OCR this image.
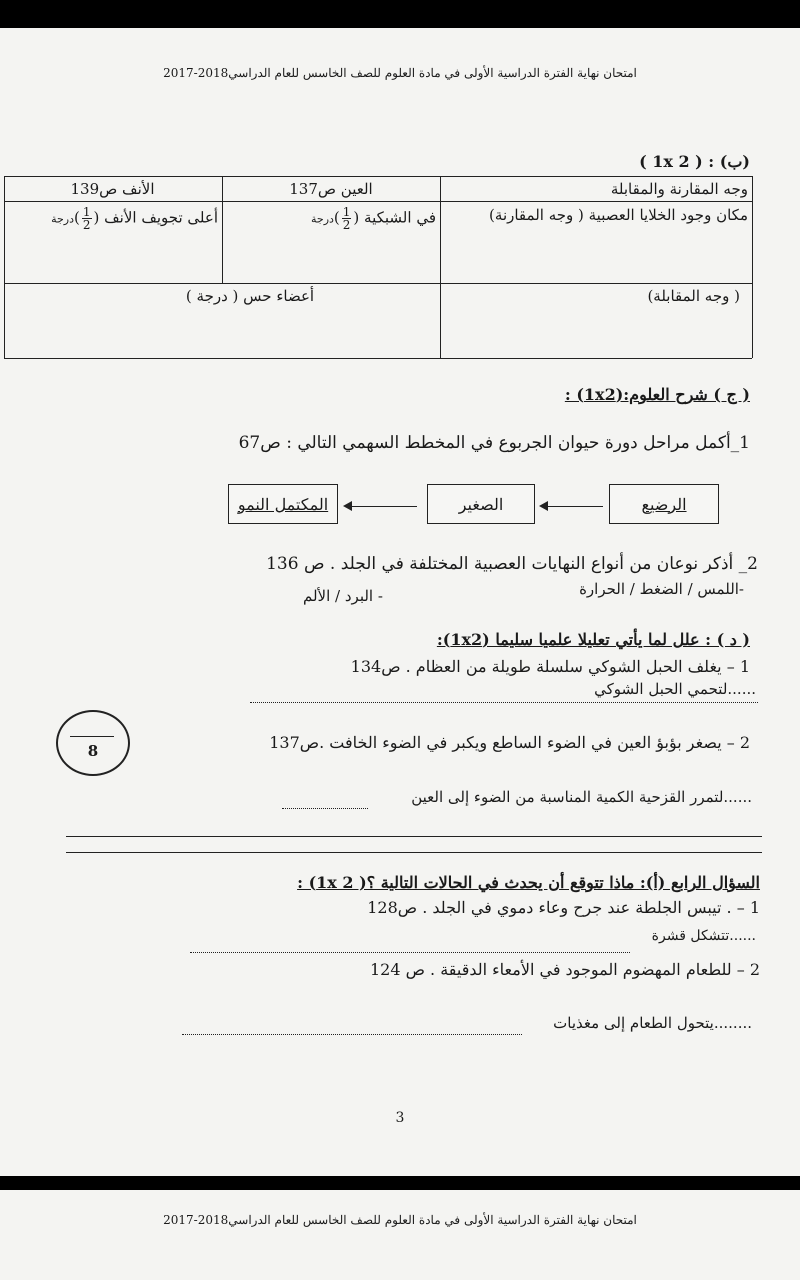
امتحان نهاية الفترة الدراسية الأولى في مادة العلوم للصف الخاسس للعام الدراسي2018-2017
( 1x 2 ) : (ب)
وجه المقارنة والمقابلة
العين ص137
الأنف ص139
مكان وجود الخلايا العصبية ( وجه المقارنة)
في الشبكية (
$\frac{1}{2}$
)درجة
أعلى تجويف الأنف (
$\frac{1}{2}$
)درجة
( وجه المقابلة)
أعضاء حس ( درجة )
( ج ) شرح العلوم:(1x2) :
1_أكمل مراحل دورة حيوان الجربوع في المخطط السهمي التالي : ص67
الرضيع
الصغير
المكتمل النمو
2_ أذكر نوعان من أنواع النهايات العصبية المختلفة في الجلد . ص 136
-اللمس / الضغط / الحرارة
- البرد / الألم
( د ) : علل لما يأتي تعليلا علميا سليما (1x2):
1 – يغلف الحبل الشوكي سلسلة طويلة من العظام . ص134
......لتحمي الحبل الشوكي
8	2 – يصغر بؤبؤ العين في الضوء الساطع ويكبر في الضوء الخافت .ص137
......لتمرر القزحية الكمية المناسبة من الضوء إلى العين
السؤال الرابع (أ): ماذا تتوقع أن يحدث في الحالات التالية ؟( 1x 2) :
1 – . تيبس الجلطة عند جرح وعاء دموي في الجلد . ص128
......تتشكل قشرة
2 – للطعام المهضوم الموجود في الأمعاء الدقيقة . ص 124
........يتحول الطعام إلى مغذيات
3
امتحان نهاية الفترة الدراسية الأولى في مادة العلوم للصف الخاسس للعام الدراسي2018-2017
